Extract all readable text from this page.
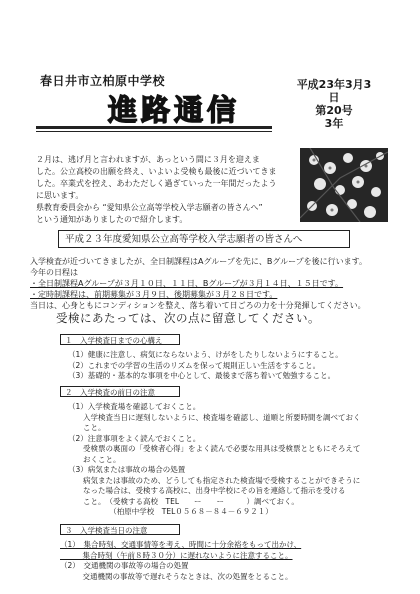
春日井市立柏原中学校
進路通信
平成23年3月3日
第20号
3年
２月は、逃げ月と言われますが、あっという間に３月を迎えま
した。公立高校の出願を終え、いよいよ受検も最後に近づいてきま
した。卒業式を控え、あわただしく過ぎていった一年間だったよう
に思います。
県教育委員会から “愛知県公立高等学校入学志願者の皆さんへ”
という通知がありましたので紹介します。
平成２３年度愛知県公立高等学校入学志願者の皆さんへ
入学検査が近づいてきましたが、全日制課程はAグループを先に、Bグループを後に行います。
今年の日程は
・全日制課程Aグループが３月１０日、１１日、Bグループが３月１４日、１５日です。
・定時制課程は、前期募集が３月９日、後期募集が３月２８日です。
当日は、心身ともにコンディションを整え、落ち着いて日ごろの力を十分発揮してください。
受検にあたっては、次の点に留意してください。
１　入学検査日までの心構え
（1）健康に注意し、病気にならないよう、けがをしたりしないようにすること。
（2）これまでの学習の生活のリズムを保って規則正しい生活をすること。
（3）基礎的・基本的な事項を中心として、最後まで落ち着いて勉強すること。
２　入学検査の前日の注意
（1）入学検査場を確認しておくこと。
　　入学検査当日に遅刻しないように、検査場を確認し、道順と所要時間を調べておく
　　こと。
（2）注意事項をよく読んでおくこと。
　　受検票の裏面の「受検者心得」をよく読んで必要な用具は受検票とともにそろえて
　　おくこと。
（3）病気または事故の場合の処置
　　病気または事故のため、どうしても指定された検査場で受検することができそうに
　　なった場合は、受検する高校に、出身中学校にその旨を連絡して指示を受ける
　　こと。　（受検する高校　TEL　　ー　　ー　　　）調べておく。
　　　　　　（柏原中学校　TEL０５６８－８４－６９２１）
３　入学検査当日の注意
（1）　集合時刻、交通事情等を考え、時間に十分余裕をもって出かけ、
　　　集合時刻（午前８時３０分）に遅れないように注意すること。
（2）　交通機関の事故等の場合の処置
　　　交通機関の事故等で遅れそうなときは、次の処置をとること。
